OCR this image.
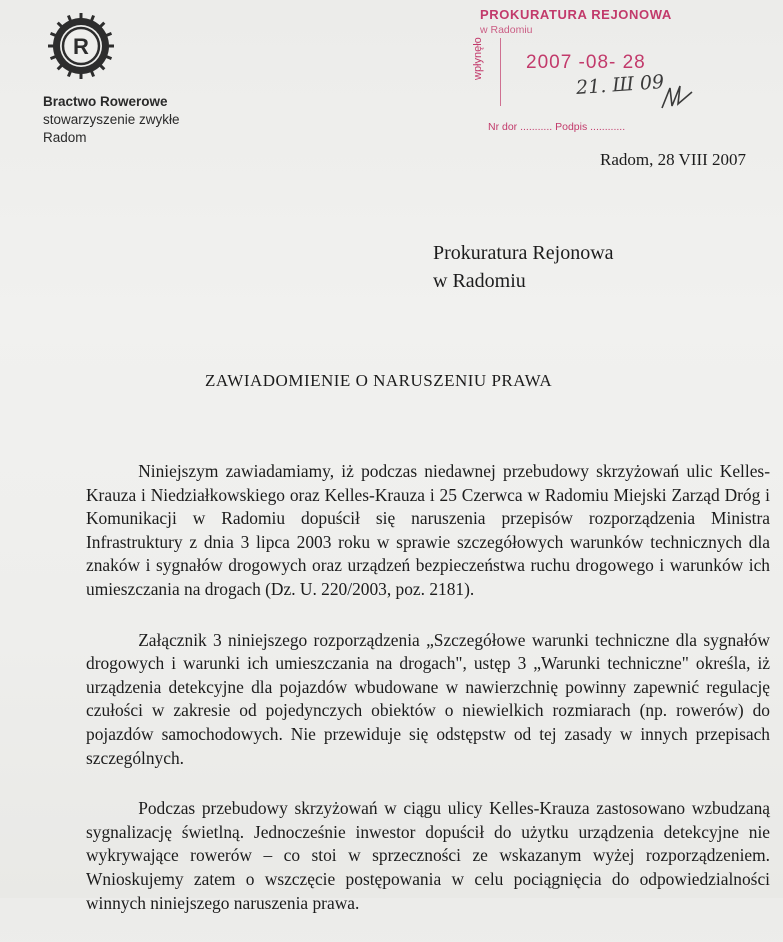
R
Bractwo Rowerowe
stowarzyszenie zwykłe
Radom
PROKURATURA REJONOWA
w Radomiu
wpłynęło 2007 -08- 28
21. Ш 09
Nr dor ........... Podpis ............
Radom, 28 VIII 2007
Prokuratura Rejonowa
w Radomiu
ZAWIADOMIENIE O NARUSZENIU PRAWA

Niniejszym zawiadamiamy, iż podczas niedawnej przebudowy skrzyżowań ulic Kelles-Krauza i Niedziałkowskiego oraz Kelles-Krauza i 25 Czerwca w Radomiu Miejski Zarząd Dróg i Komunikacji w Radomiu dopuścił się naruszenia przepisów rozporządzenia Ministra Infrastruktury z dnia 3 lipca 2003 roku w sprawie szczegółowych warunków technicznych dla znaków i sygnałów drogowych oraz urządzeń bezpieczeństwa ruchu drogowego i warunków ich umieszczania na drogach (Dz. U. 220/2003, poz. 2181).

Załącznik 3 niniejszego rozporządzenia „Szczegółowe warunki techniczne dla sygnałów drogowych i warunki ich umieszczania na drogach", ustęp 3 „Warunki techniczne" określa, iż urządzenia detekcyjne dla pojazdów wbudowane w nawierzchnię powinny zapewnić regulację czułości w zakresie od pojedynczych obiektów o niewielkich rozmiarach (np. rowerów) do pojazdów samochodowych. Nie przewiduje się odstępstw od tej zasady w innych przepisach szczególnych.

Podczas przebudowy skrzyżowań w ciągu ulicy Kelles-Krauza zastosowano wzbudzaną sygnalizację świetlną. Jednocześnie inwestor dopuścił do użytku urządzenia detekcyjne nie wykrywające rowerów – co stoi w sprzeczności ze wskazanym wyżej rozporządzeniem. Wnioskujemy zatem o wszczęcie postępowania w celu pociągnięcia do odpowiedzialności winnych niniejszego naruszenia prawa.
